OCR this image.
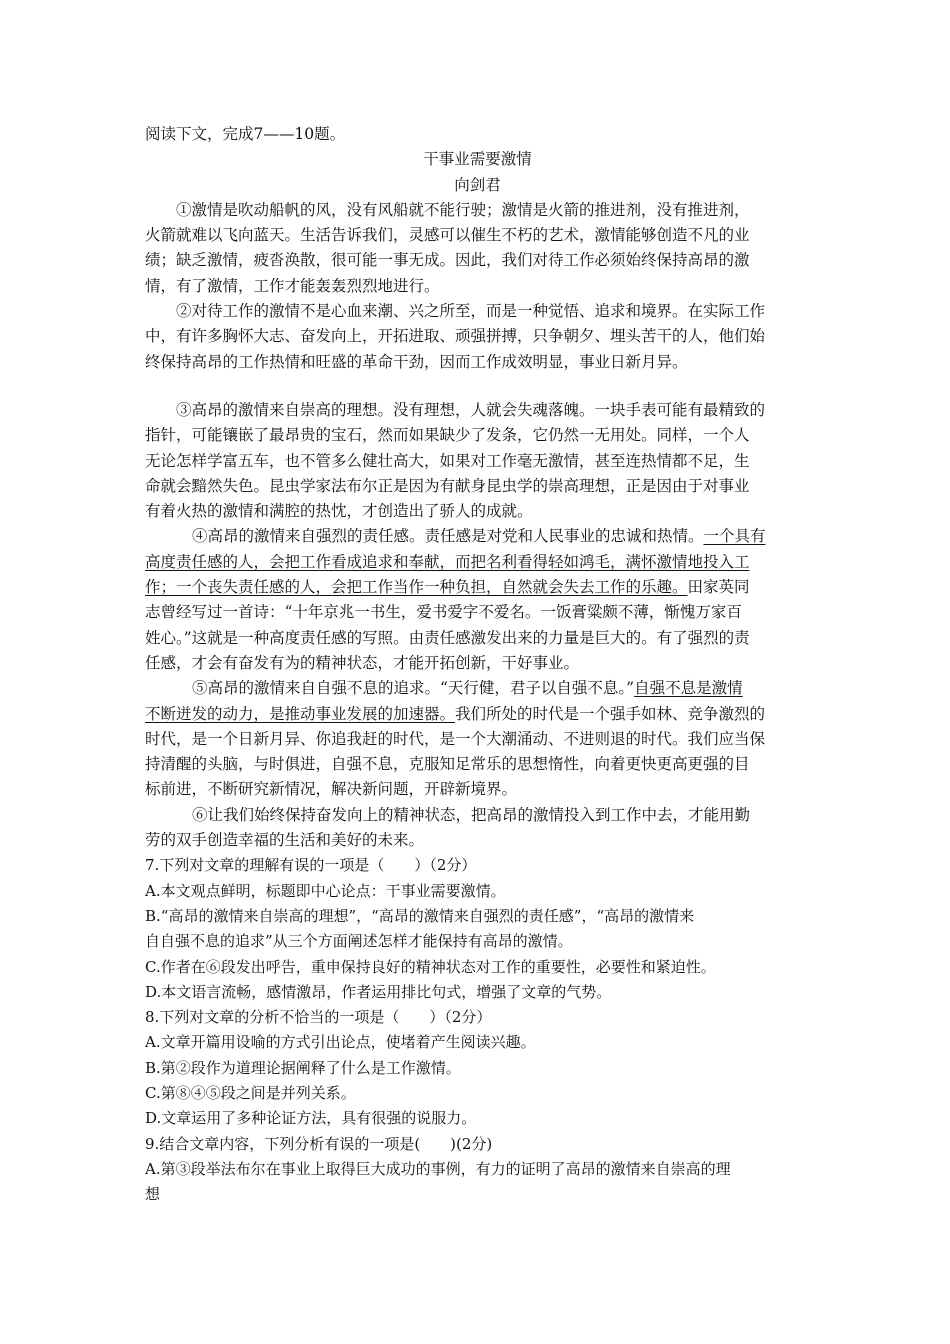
阅读下文，完成7——10题。
干事业需要激情
向剑君
①激情是吹动船帆的风，没有风船就不能行驶；激情是火箭的推进剂，没有推进剂，
火箭就难以飞向蓝天。生活告诉我们，灵感可以催生不朽的艺术，激情能够创造不凡的业
绩；缺乏激情，疲沓涣散，很可能一事无成。因此，我们对待工作必须始终保持高昂的激
情，有了激情，工作才能轰轰烈烈地进行。
②对待工作的激情不是心血来潮、兴之所至，而是一种觉悟、追求和境界。在实际工作
中，有许多胸怀大志、奋发向上，开拓进取、顽强拼搏，只争朝夕、埋头苦干的人，他们始
终保持高昂的工作热情和旺盛的革命干劲，因而工作成效明显，事业日新月异。
③高昂的激情来自崇高的理想。没有理想，人就会失魂落魄。一块手表可能有最精致的
指针，可能镶嵌了最昂贵的宝石，然而如果缺少了发条，它仍然一无用处。同样，一个人
无论怎样学富五车，也不管多么健壮高大，如果对工作毫无激情，甚至连热情都不足，生
命就会黯然失色。昆虫学家法布尔正是因为有献身昆虫学的崇高理想，正是因由于对事业
有着火热的激情和满腔的热忱，才创造出了骄人的成就。
④高昂的激情来自强烈的责任感。责任感是对党和人民事业的忠诚和热情。一个具有
高度责任感的人，会把工作看成追求和奉献，而把名利看得轻如鸿毛，满怀激情地投入工
作；一个丧失责任感的人，会把工作当作一种负担，自然就会失去工作的乐趣。田家英同
志曾经写过一首诗：“十年京兆一书生，爱书爱字不爱名。一饭膏粱颇不薄，惭愧万家百
姓心。”这就是一种高度责任感的写照。由责任感激发出来的力量是巨大的。有了强烈的责
任感，才会有奋发有为的精神状态，才能开拓创新，干好事业。
⑤高昂的激情来自自强不息的追求。“天行健，君子以自强不息。”自强不息是激情
不断迸发的动力，是推动事业发展的加速器。我们所处的时代是一个强手如林、竞争激烈的
时代，是一个日新月异、你追我赶的时代，是一个大潮涌动、不进则退的时代。我们应当保
持清醒的头脑，与时俱进，自强不息，克服知足常乐的思想惰性，向着更快更高更强的目
标前进，不断研究新情况，解决新问题，开辟新境界。
⑥让我们始终保持奋发向上的精神状态，把高昂的激情投入到工作中去，才能用勤
劳的双手创造幸福的生活和美好的未来。
7.下列对文章的理解有误的一项是（　　）（2分）
A.本文观点鲜明，标题即中心论点：干事业需要激情。
B.“高昂的激情来自崇高的理想”，“高昂的激情来自强烈的责任感”，“高昂的激情来
自自强不息的追求”从三个方面阐述怎样才能保持有高昂的激情。
C.作者在⑥段发出呼告，重申保持良好的精神状态对工作的重要性，必要性和紧迫性。
D.本文语言流畅，感情激昂，作者运用排比句式，增强了文章的气势。
8.下列对文章的分析不恰当的一项是（　　）（2分）
A.文章开篇用设喻的方式引出论点，使堵着产生阅读兴趣。
B.第②段作为道理论据阐释了什么是工作激情。
C.第⑧④⑤段之间是并列关系。
D.文章运用了多种论证方法，具有很强的说服力。
9.结合文章内容，下列分析有误的一项是(　　)(2分)
A.第③段举法布尔在事业上取得巨大成功的事例，有力的证明了高昂的激情来自崇高的理
想
